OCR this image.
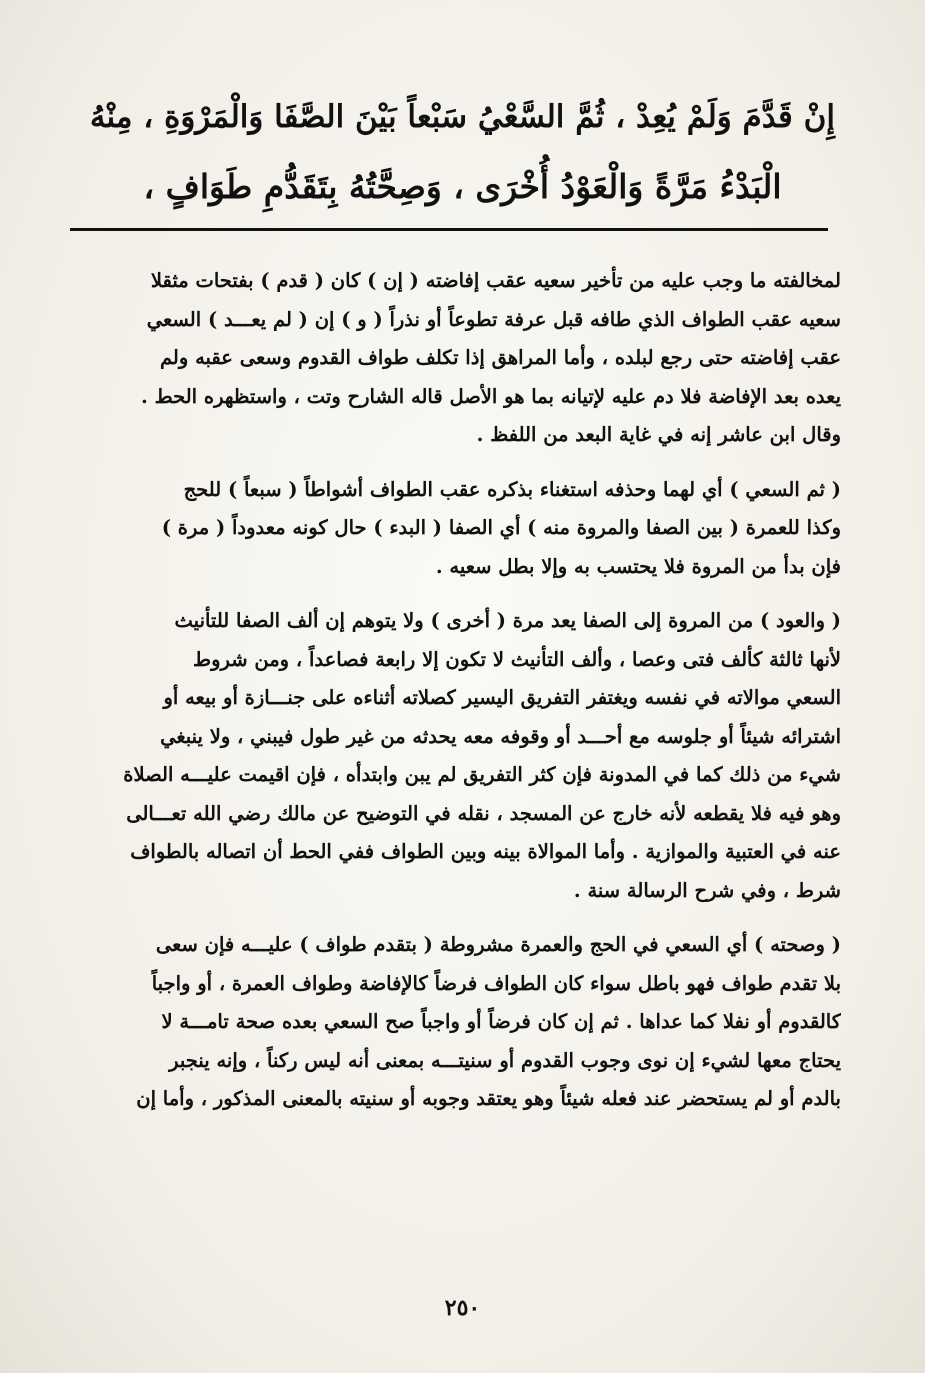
إِنْ قَدَّمَ وَلَمْ يُعِدْ ، ثُمَّ السَّعْيُ سَبْعاً بَيْنَ الصَّفَا وَالْمَرْوَةِ ، مِنْهُ
الْبَدْءُ مَرَّةً وَالْعَوْدُ أُخْرَى ، وَصِحَّتُهُ بِتَقَدُّمِ طَوَافٍ ،
لمخالفته ما وجب عليه من تأخير سعيه عقب إفاضته ( إن ) كان ( قدم ) بفتحات مثقلا
سعيه عقب الطواف الذي طافه قبل عرفة تطوعاً أو نذراً ( و ) إن ( لم يعـــد ) السعي
عقب إفاضته حتى رجع لبلده ، وأما المراهق إذا تكلف طواف القدوم وسعى عقبه ولم
يعده بعد الإفاضة فلا دم عليه لإتيانه بما هو الأصل قاله الشارح وتت ، واستظهره الحط .
وقال ابن عاشر إنه في غاية البعد من اللفظ .
( ثم السعي ) أي لهما وحذفه استغناء بذكره عقب الطواف أشواطاً ( سبعاً ) للحج
وكذا للعمرة ( بين الصفا والمروة منه ) أي الصفا ( البدء ) حال كونه معدوداً ( مرة )
فإن بدأ من المروة فلا يحتسب به وإلا بطل سعيه .
( والعود ) من المروة إلى الصفا يعد مرة ( أخرى ) ولا يتوهم إن ألف الصفا للتأنيث
لأنها ثالثة كألف فتى وعصا ، وألف التأنيث لا تكون إلا رابعة فصاعداً ، ومن شروط
السعي موالاته في نفسه ويغتفر التفريق اليسير كصلاته أثناءه على جنـــازة أو بيعه أو
اشترائه شيئاً أو جلوسه مع أحـــد أو وقوفه معه يحدثه من غير طول فيبني ، ولا ينبغي
شيء من ذلك كما في المدونة فإن كثر التفريق لم يبن وابتدأه ، فإن اقيمت عليـــه الصلاة
وهو فيه فلا يقطعه لأنه خارج عن المسجد ، نقله في التوضيح عن مالك رضي الله تعـــالى
عنه في العتبية والموازية . وأما الموالاة بينه وبين الطواف ففي الحط أن اتصاله بالطواف
شرط ، وفي شرح الرسالة سنة .
( وصحته ) أي السعي في الحج والعمرة مشروطة ( بتقدم طواف ) عليـــه فإن سعى
بلا تقدم طواف فهو باطل سواء كان الطواف فرضاً كالإفاضة وطواف العمرة ، أو واجباً
كالقدوم أو نفلا كما عداها . ثم إن كان فرضاً أو واجباً صح السعي بعده صحة تامـــة لا
يحتاج معها لشيء إن نوى وجوب القدوم أو سنيتـــه بمعنى أنه ليس ركناً ، وإنه ينجبر
بالدم أو لم يستحضر عند فعله شيئاً وهو يعتقد وجوبه أو سنيته بالمعنى المذكور ، وأما إن
٢٥٠
